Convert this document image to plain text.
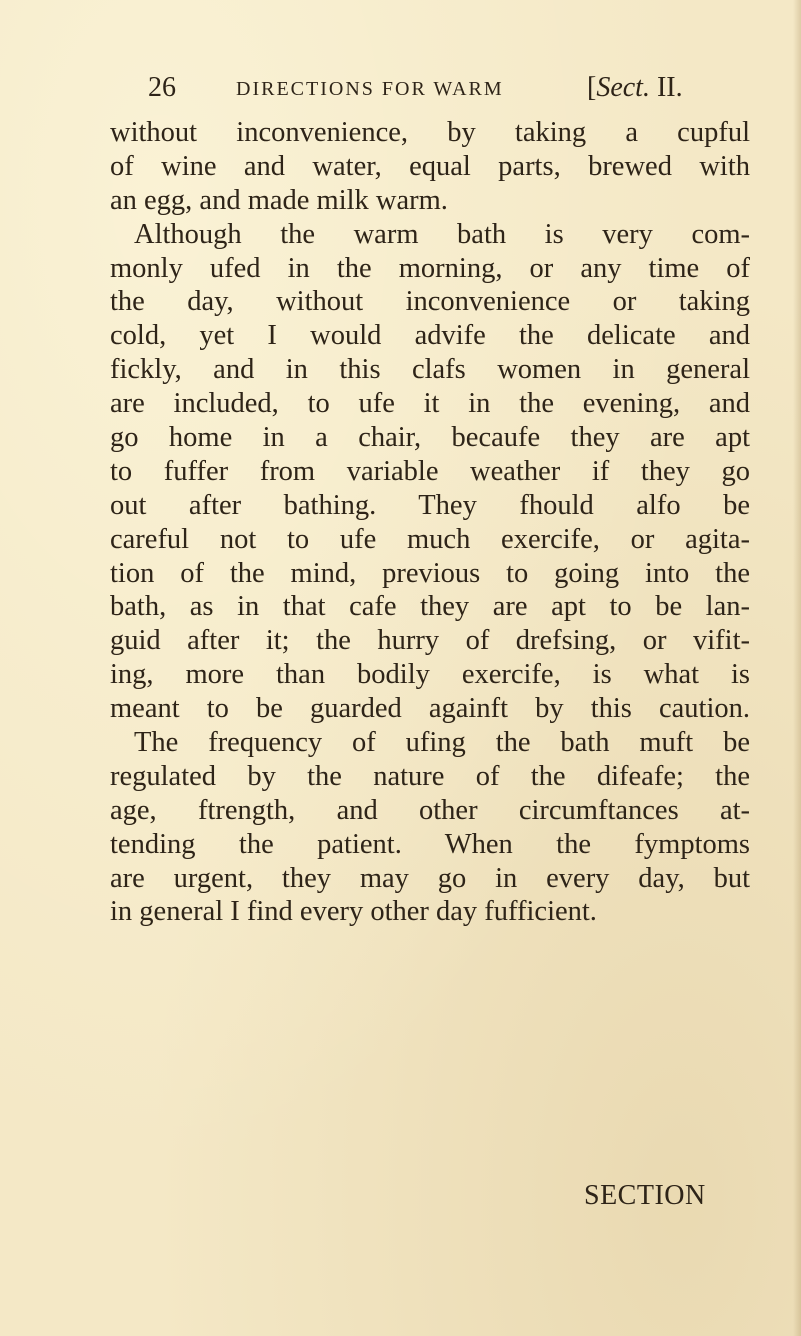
26	DIRECTIONS FOR WARM	[Sect. II.
without inconvenience, by taking a cupful
of wine and water, equal parts, brewed with
an egg, and made milk warm.
Although the warm bath is very com-
monly ufed in the morning, or any time of
the day, without inconvenience or taking
cold, yet I would advife the delicate and
fickly, and in this clafs women in general
are included, to ufe it in the evening, and
go home in a chair, becaufe they are apt
to fuffer from variable weather if they go
out after bathing. They fhould alfo be
careful not to ufe much exercife, or agita-
tion of the mind, previous to going into the
bath, as in that cafe they are apt to be lan-
guid after it; the hurry of drefsing, or vifit-
ing, more than bodily exercife, is what is
meant to be guarded againft by this caution.
The frequency of ufing the bath muft be
regulated by the nature of the difeafe; the
age, ftrength, and other circumftances at-
tending the patient. When the fymptoms
are urgent, they may go in every day, but
in general I find every other day fufficient.
SECTION
